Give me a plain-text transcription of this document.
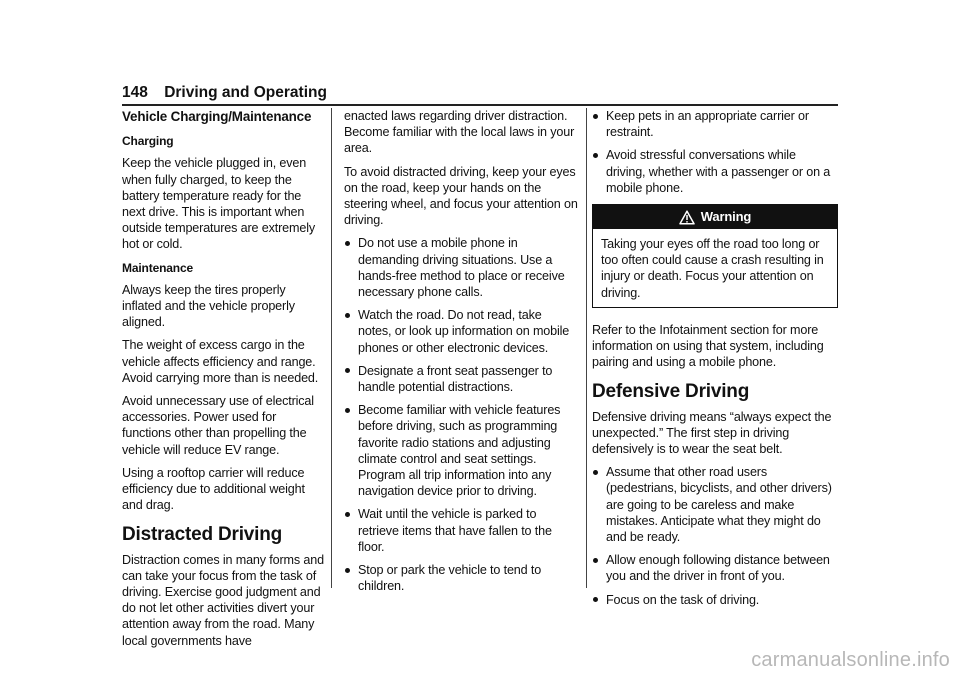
148 Driving and Operating
Vehicle Charging/Maintenance
Charging

Keep the vehicle plugged in, even when fully charged, to keep the battery temperature ready for the next drive. This is important when outside temperatures are extremely hot or cold.

Maintenance

Always keep the tires properly inflated and the vehicle properly aligned.

The weight of excess cargo in the vehicle affects efficiency and range. Avoid carrying more than is needed.

Avoid unnecessary use of electrical accessories. Power used for functions other than propelling the vehicle will reduce EV range.

Using a rooftop carrier will reduce efficiency due to additional weight and drag.

Distracted Driving

Distraction comes in many forms and can take your focus from the task of driving. Exercise good judgment and do not let other activities divert your attention away from the road. Many local governments have

enacted laws regarding driver distraction. Become familiar with the local laws in your area.

To avoid distracted driving, keep your eyes on the road, keep your hands on the steering wheel, and focus your attention on driving.

Do not use a mobile phone in demanding driving situations. Use a hands-free method to place or receive necessary phone calls.
Watch the road. Do not read, take notes, or look up information on mobile phones or other electronic devices.
Designate a front seat passenger to handle potential distractions.
Become familiar with vehicle features before driving, such as programming favorite radio stations and adjusting climate control and seat settings. Program all trip information into any navigation device prior to driving.
Wait until the vehicle is parked to retrieve items that have fallen to the floor.
Stop or park the vehicle to tend to children.
Keep pets in an appropriate carrier or restraint.
Avoid stressful conversations while driving, whether with a passenger or on a mobile phone.
Warning
Taking your eyes off the road too long or too often could cause a crash resulting in injury or death. Focus your attention on driving.

Refer to the Infotainment section for more information on using that system, including pairing and using a mobile phone.

Defensive Driving

Defensive driving means “always expect the unexpected.” The first step in driving defensively is to wear the seat belt.

Assume that other road users (pedestrians, bicyclists, and other drivers) are going to be careless and make mistakes. Anticipate what they might do and be ready.
Allow enough following distance between you and the driver in front of you.
Focus on the task of driving.
carmanualsonline.info
